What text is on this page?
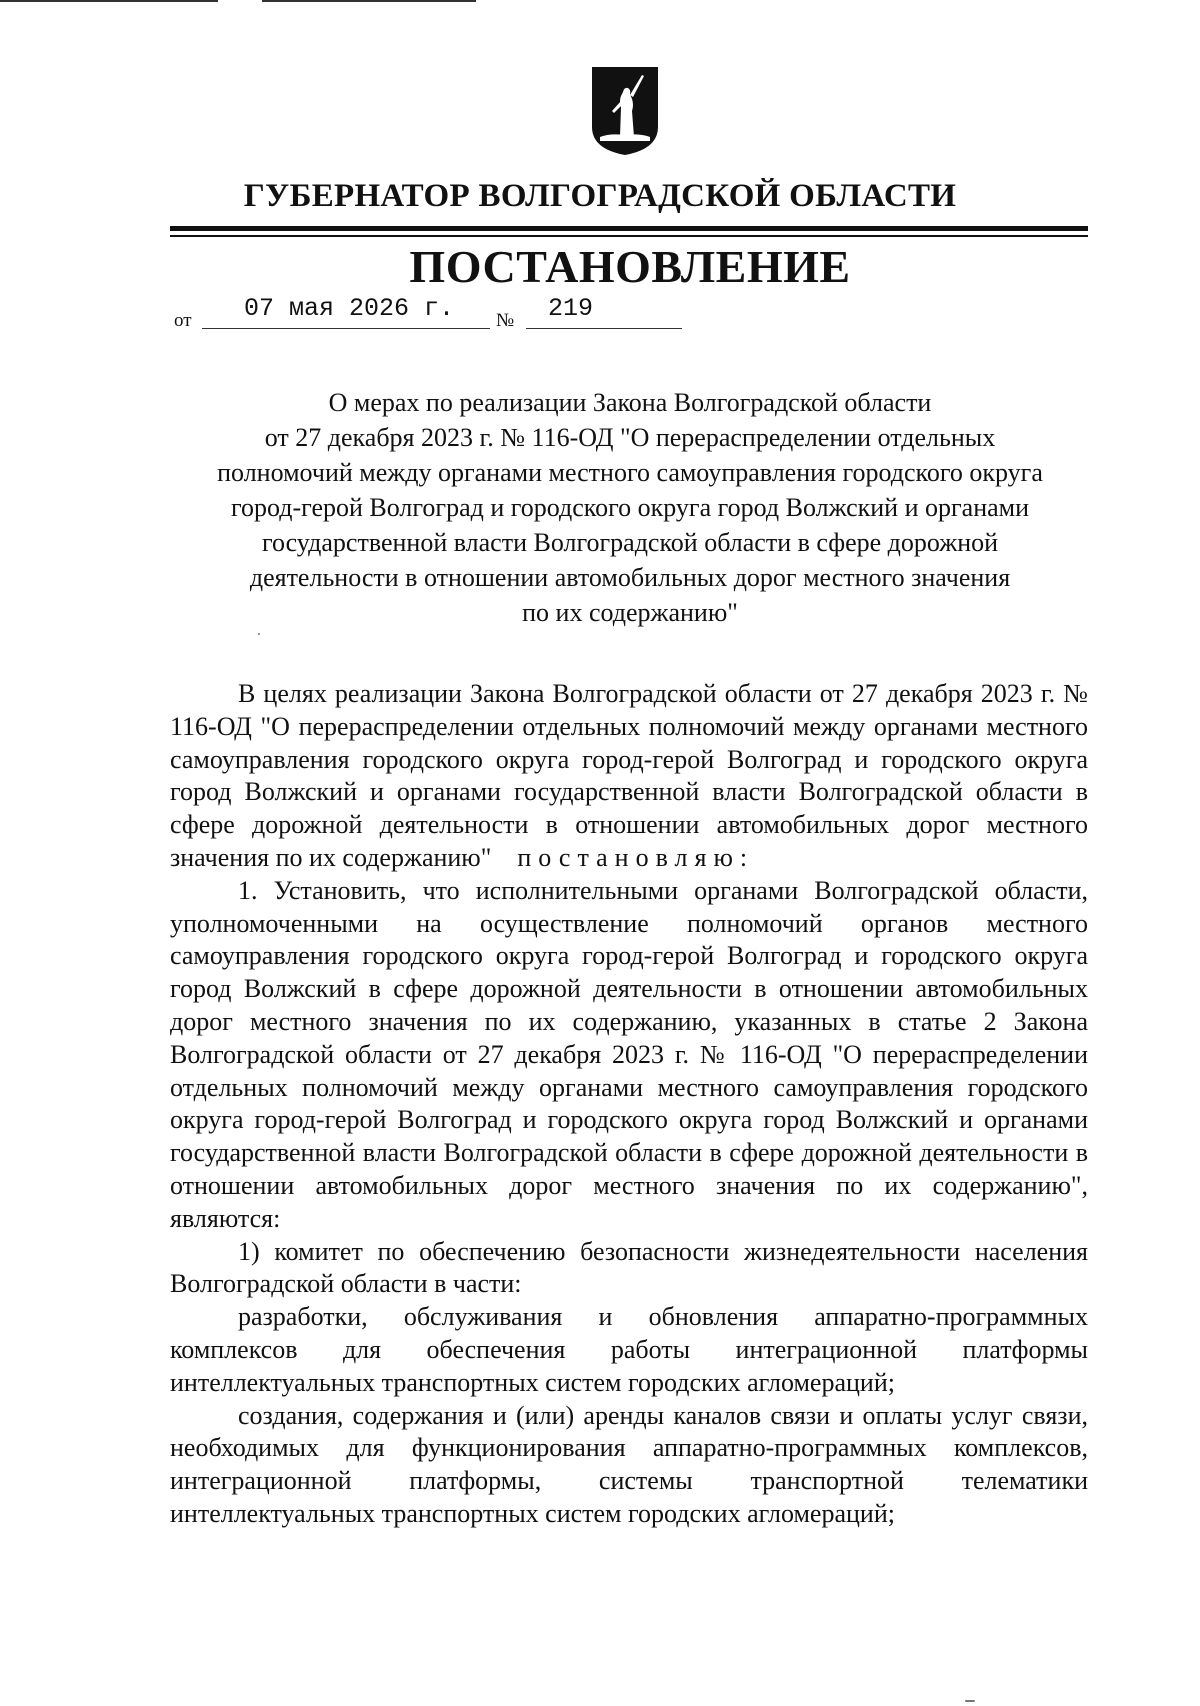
ГУБЕРНАТОР ВОЛГОГРАДСКОЙ ОБЛАСТИ
ПОСТАНОВЛЕНИЕ
от 07 мая 2026 г. № 219
О мерах по реализации Закона Волгоградской области
от 27 декабря 2023 г. № 116-ОД "О перераспределении отдельных
полномочий между органами местного самоуправления городского округа
город-герой Волгоград и городского округа город Волжский и органами
государственной власти Волгоградской области в сфере дорожной
деятельности в отношении автомобильных дорог местного значения
по их содержанию"

В целях реализации Закона Волгоградской области от 27 декабря 2023 г. № 116-ОД "О перераспределении отдельных полномочий между органами местного самоуправления городского округа город-герой Волгоград и городского округа город Волжский и органами государственной власти Волгоградской области в сфере дорожной деятельности в отношении автомобильных дорог местного значения по их содержанию" постановляю:

1. Установить, что исполнительными органами Волгоградской области, уполномоченными на осуществление полномочий органов местного самоуправления городского округа город-герой Волгоград и городского округа город Волжский в сфере дорожной деятельности в отношении автомобильных дорог местного значения по их содержанию, указанных в статье 2 Закона Волгоградской области от 27 декабря 2023 г. № 116-ОД "О перераспределении отдельных полномочий между органами местного самоуправления городского округа город-герой Волгоград и городского округа город Волжский и органами государственной власти Волгоградской области в сфере дорожной деятельности в отношении автомобильных дорог местного значения по их содержанию", являются:

1) комитет по обеспечению безопасности жизнедеятельности населения Волгоградской области в части:

разработки, обслуживания и обновления аппаратно-программных комплексов для обеспечения работы интеграционной платформы интеллектуальных транспортных систем городских агломераций;

создания, содержания и (или) аренды каналов связи и оплаты услуг связи, необходимых для функционирования аппаратно-программных комплексов, интеграционной платформы, системы транспортной телематики интеллектуальных транспортных систем городских агломераций;
